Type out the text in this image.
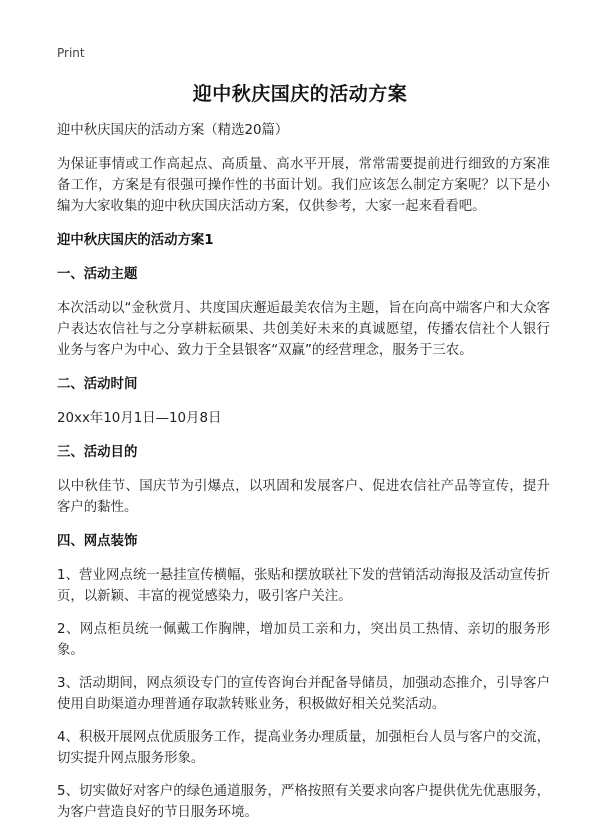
Print
迎中秋庆国庆的活动方案

迎中秋庆国庆的活动方案（精选20篇）

为保证事情或工作高起点、高质量、高水平开展，常常需要提前进行细致的方案准备工作，方案是有很强可操作性的书面计划。我们应该怎么制定方案呢？以下是小编为大家收集的迎中秋庆国庆活动方案，仅供参考，大家一起来看看吧。

迎中秋庆国庆的活动方案1

一、活动主题

本次活动以“金秋赏月、共度国庆邂逅最美农信为主题，旨在向高中端客户和大众客户表达农信社与之分享耕耘硕果、共创美好未来的真诚愿望，传播农信社个人银行业务与客户为中心、致力于全县银客“双赢”的经营理念，服务于三农。

二、活动时间

20xx年10月1日—10月8日

三、活动目的

以中秋佳节、国庆节为引爆点，以巩固和发展客户、促进农信社产品等宣传，提升客户的黏性。

四、网点装饰

1、营业网点统一悬挂宣传横幅，张贴和摆放联社下发的营销活动海报及活动宣传折页，以新颖、丰富的视觉感染力，吸引客户关注。

2、网点柜员统一佩戴工作胸牌，增加员工亲和力，突出员工热情、亲切的服务形象。

3、活动期间，网点须设专门的宣传咨询台并配备导储员，加强动态推介，引导客户使用自助渠道办理普通存取款转账业务，积极做好相关兑奖活动。

4、积极开展网点优质服务工作，提高业务办理质量，加强柜台人员与客户的交流，切实提升网点服务形象。

5、切实做好对客户的绿色通道服务，严格按照有关要求向客户提供优先优惠服务，为客户营造良好的节日服务环境。
